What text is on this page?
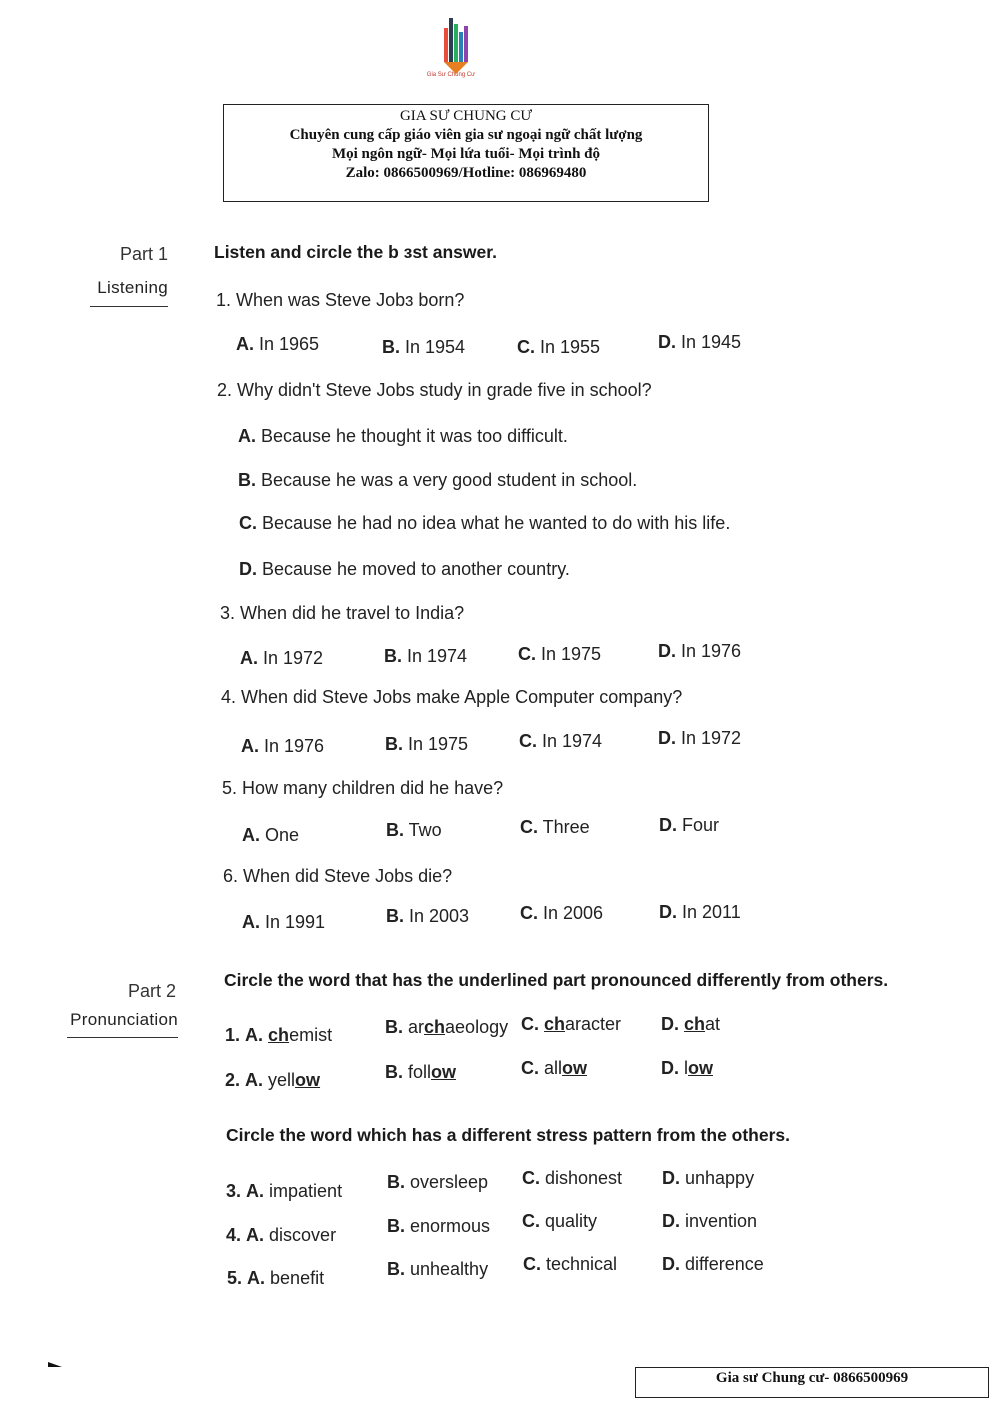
Gia Sư Chung Cư
GIA SƯ CHUNG CƯ
Chuyên cung cấp giáo viên gia sư ngoại ngữ chất lượng
Mọi ngôn ngữ- Mọi lứa tuổi- Mọi trình độ
Zalo: 0866500969/Hotline: 086969480
Part 1
Listening
Listen and circle the b ɜst answer.
1. When was Steve Jobɜ born?
A. In 1965	B. In 1954	C. In 1955	D. In 1945
2. Why didn't Steve Jobs study in grade five in school?
A. Because he thought it was too difficult.
B. Because he was a very good student in school.
C. Because he had no idea what he wanted to do with his life.
D. Because he moved to another country.
3. When did he travel to India?
A. In 1972	B. In 1974	C. In 1975	D. In 1976
4. When did Steve Jobs make Apple Computer company?
A. In 1976	B. In 1975	C. In 1974	D. In 1972
5. How many children did he have?
A. One	B. Two	C. Three	D. Four
6. When did Steve Jobs die?
A. In 1991	B. In 2003	C. In 2006	D. In 2011
Part 2
Pronunciation
Circle the word that has the underlined part pronounced differently from others.
1. A. chemist	B. archaeology C. character D. chat
2. A. yellow	B. follow	C. allow	D. low
Circle the word which has a different stress pattern from the others.
3. A. impatient B. oversleep C. dishonest D. unhappy
4. A. discover	B. enormous C. quality	D. invention
5. A. benefit	B. unhealthy C. technical D. difference
Gia sư Chung cư- 0866500969
